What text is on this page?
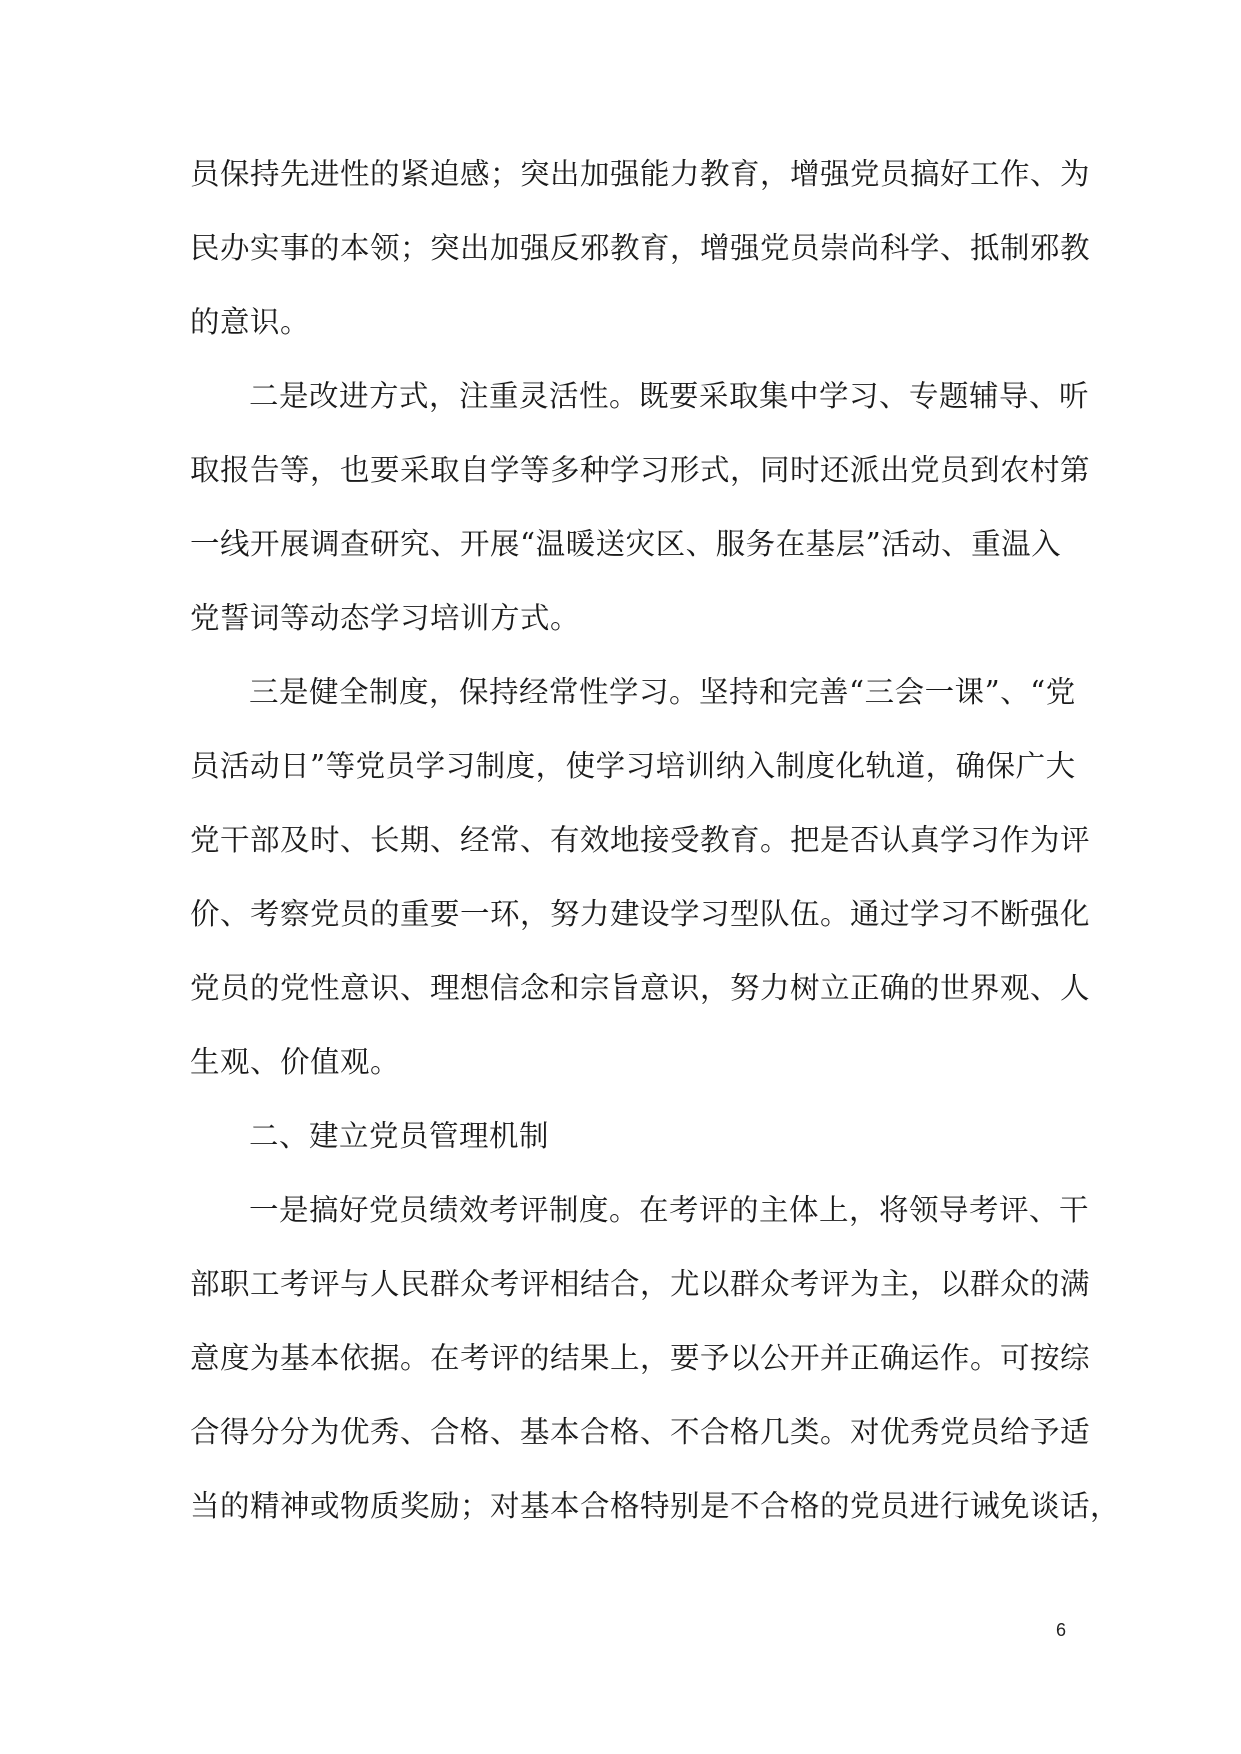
员保持先进性的紧迫感；突出加强能力教育，增强党员搞好工作、为
民办实事的本领；突出加强反邪教育，增强党员崇尚科学、抵制邪教
的意识。
二是改进方式，注重灵活性。既要采取集中学习、专题辅导、听
取报告等，也要采取自学等多种学习形式，同时还派出党员到农村第
一线开展调查研究、开展“温暖送灾区、服务在基层”活动、重温入
党誓词等动态学习培训方式。
三是健全制度，保持经常性学习。坚持和完善“三会一课”、“党
员活动日”等党员学习制度，使学习培训纳入制度化轨道，确保广大
党干部及时、长期、经常、有效地接受教育。把是否认真学习作为评
价、考察党员的重要一环，努力建设学习型队伍。通过学习不断强化
党员的党性意识、理想信念和宗旨意识，努力树立正确的世界观、人
生观、价值观。
二、建立党员管理机制
一是搞好党员绩效考评制度。在考评的主体上，将领导考评、干
部职工考评与人民群众考评相结合，尤以群众考评为主，以群众的满
意度为基本依据。在考评的结果上，要予以公开并正确运作。可按综
合得分分为优秀、合格、基本合格、不合格几类。对优秀党员给予适
当的精神或物质奖励；对基本合格特别是不合格的党员进行诫免谈话，
6
